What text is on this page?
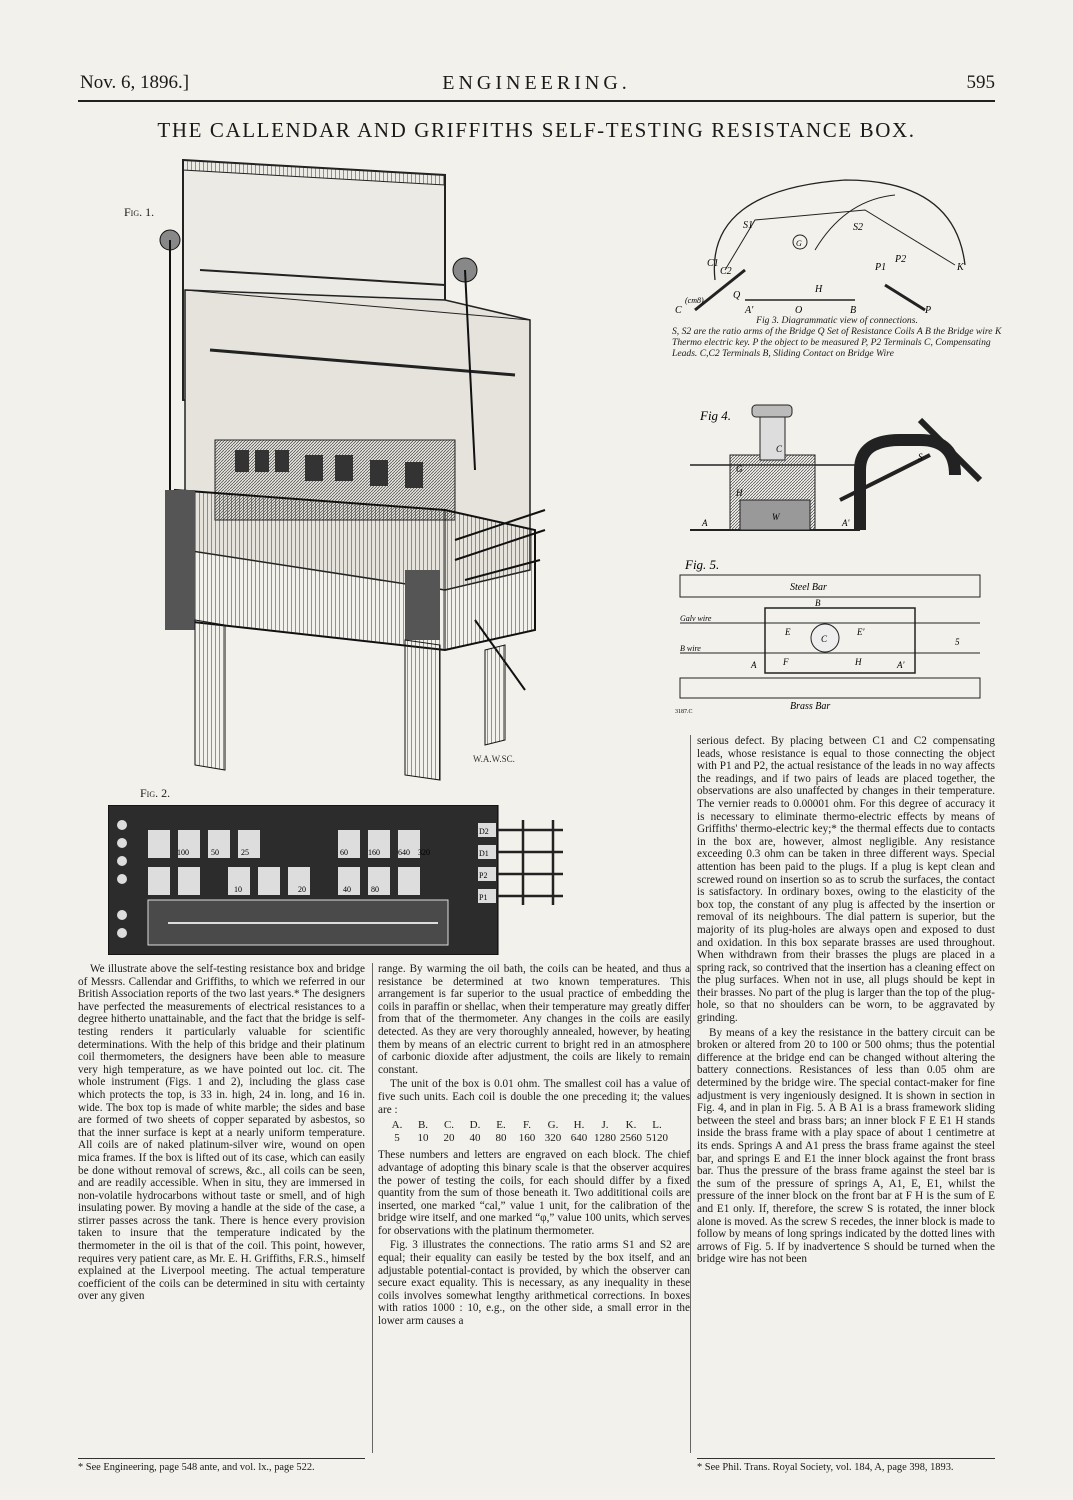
Nov. 6, 1896.]	ENGINEERING.	595
THE CALLENDAR AND GRIFFITHS SELF-TESTING RESISTANCE BOX.
Fig. 1.
W.A.W.SC.
S1	S2
P2
P1	K
P
C
C1
C2
Q
A'	O	B
H
(cm8)
G
Fig 3. Diagrammatic view of connections.
S, S2 are the ratio arms of the Bridge Q Set of Resistance Coils A B the Bridge wire K Thermo electric key. P the object to be measured P, P2 Terminals C, Compensating Leads. C,C2 Terminals B, Sliding Contact on Bridge Wire
Fig 4.
C
G
H
W
S
A	A'
Fig. 5.
Steel Bar
Galv wire
B wire
Brass Bar
A
E	E'
C
F	H	A'
B
5
3187.C
Fig. 2.
100	50	25	60	160 640 320
20	40
10	80
D2
D1
P2
P1

We illustrate above the self-testing resistance box and bridge of Messrs. Callendar and Griffiths, to which we referred in our British Association reports of the two last years.* The designers have perfected the measurements of electrical resistances to a degree hitherto unattainable, and the fact that the bridge is self-testing renders it particularly valuable for scientific determinations. With the help of this bridge and their platinum coil thermometers, the designers have been able to measure very high temperature, as we have pointed out loc. cit. The whole instrument (Figs. 1 and 2), including the glass case which protects the top, is 33 in. high, 24 in. long, and 16 in. wide. The box top is made of white marble; the sides and base are formed of two sheets of copper separated by asbestos, so that the inner surface is kept at a nearly uniform temperature. All coils are of naked platinum-silver wire, wound on open mica frames. If the box is lifted out of its case, which can easily be done without removal of screws, &c., all coils can be seen, and are readily accessible. When in situ, they are immersed in non-volatile hydrocarbons without taste or smell, and of high insulating power. By moving a handle at the side of the case, a stirrer passes across the tank. There is hence every provision taken to insure that the temperature indicated by the thermometer in the oil is that of the coil. This point, however, requires very patient care, as Mr. E. H. Griffiths, F.R.S., himself explained at the Liverpool meeting. The actual temperature coefficient of the coils can be determined in situ with certainty over any given

range. By warming the oil bath, the coils can be heated, and thus a resistance be determined at two known temperatures. This arrangement is far superior to the usual practice of embedding the coils in paraffin or shellac, when their temperature may greatly differ from that of the thermometer. Any changes in the coils are easily detected. As they are very thoroughly annealed, however, by heating them by means of an electric current to bright red in an atmosphere of carbonic dioxide after adjustment, the coils are likely to remain constant.

The unit of the box is 0.01 ohm. The smallest coil has a value of five such units. Each coil is double the one preceding it; the values are :

A.	B.	C.	D.	E.	F.	G.	H.	J.	K.	L.
5	10	20	40	80	160 320 640 1280 2560 5120

These numbers and letters are engraved on each block. The chief advantage of adopting this binary scale is that the observer acquires the power of testing the coils, for each should differ by a fixed quantity from the sum of those beneath it. Two addititional coils are inserted, one marked “cal,” value 1 unit, for the calibration of the bridge wire itself, and one marked “φ,” value 100 units, which serves for observations with the platinum thermometer.

Fig. 3 illustrates the connections. The ratio arms S1 and S2 are equal; their equality can easily be tested by the box itself, and an adjustable potential-contact is provided, by which the observer can secure exact equality. This is necessary, as any inequality in these coils involves somewhat lengthy arithmetical corrections. In boxes with ratios 1000 : 10, e.g., on the other side, a small error in the lower arm causes a

serious defect. By placing between C1 and C2 compensating leads, whose resistance is equal to those connecting the object with P1 and P2, the actual resistance of the leads in no way affects the readings, and if two pairs of leads are placed together, the observations are also unaffected by changes in their temperature. The vernier reads to 0.00001 ohm. For this degree of accuracy it is necessary to eliminate thermo-electric effects by means of Griffiths' thermo-electric key;* the thermal effects due to contacts in the box are, however, almost negligible. Any resistance exceeding 0.3 ohm can be taken in three different ways. Special attention has been paid to the plugs. If a plug is kept clean and screwed round on insertion so as to scrub the surfaces, the contact is satisfactory. In ordinary boxes, owing to the elasticity of the box top, the constant of any plug is affected by the insertion or removal of its neighbours. The dial pattern is superior, but the majority of its plug-holes are always open and exposed to dust and oxidation. In this box separate brasses are used throughout. When withdrawn from their brasses the plugs are placed in a spring rack, so contrived that the insertion has a cleaning effect on the plug surfaces. When not in use, all plugs should be kept in their brasses. No part of the plug is larger than the top of the plug-hole, so that no shoulders can be worn, to be aggravated by grinding.

By means of a key the resistance in the battery circuit can be broken or altered from 20 to 100 or 500 ohms; thus the potential difference at the bridge end can be changed without altering the battery connections. Resistances of less than 0.05 ohm are determined by the bridge wire. The special contact-maker for fine adjustment is very ingeniously designed. It is shown in section in Fig. 4, and in plan in Fig. 5. A B A1 is a brass framework sliding between the steel and brass bars; an inner block F E E1 H stands inside the brass frame with a play space of about 1 centimetre at its ends. Springs A and A1 press the brass frame against the steel bar, and springs E and E1 the inner block against the front brass bar. Thus the pressure of the brass frame against the steel bar is the sum of the pressure of springs A, A1, E, E1, whilst the pressure of the inner block on the front bar at F H is the sum of E and E1 only. If, therefore, the screw S is rotated, the inner block alone is moved. As the screw S recedes, the inner block is made to follow by means of long springs indicated by the dotted lines with arrows of Fig. 5. If by inadvertence S should be turned when the bridge wire has not been

* See Engineering, page 548 ante, and vol. lx., page 522.	* See Phil. Trans. Royal Society, vol. 184, A, page 398, 1893.
